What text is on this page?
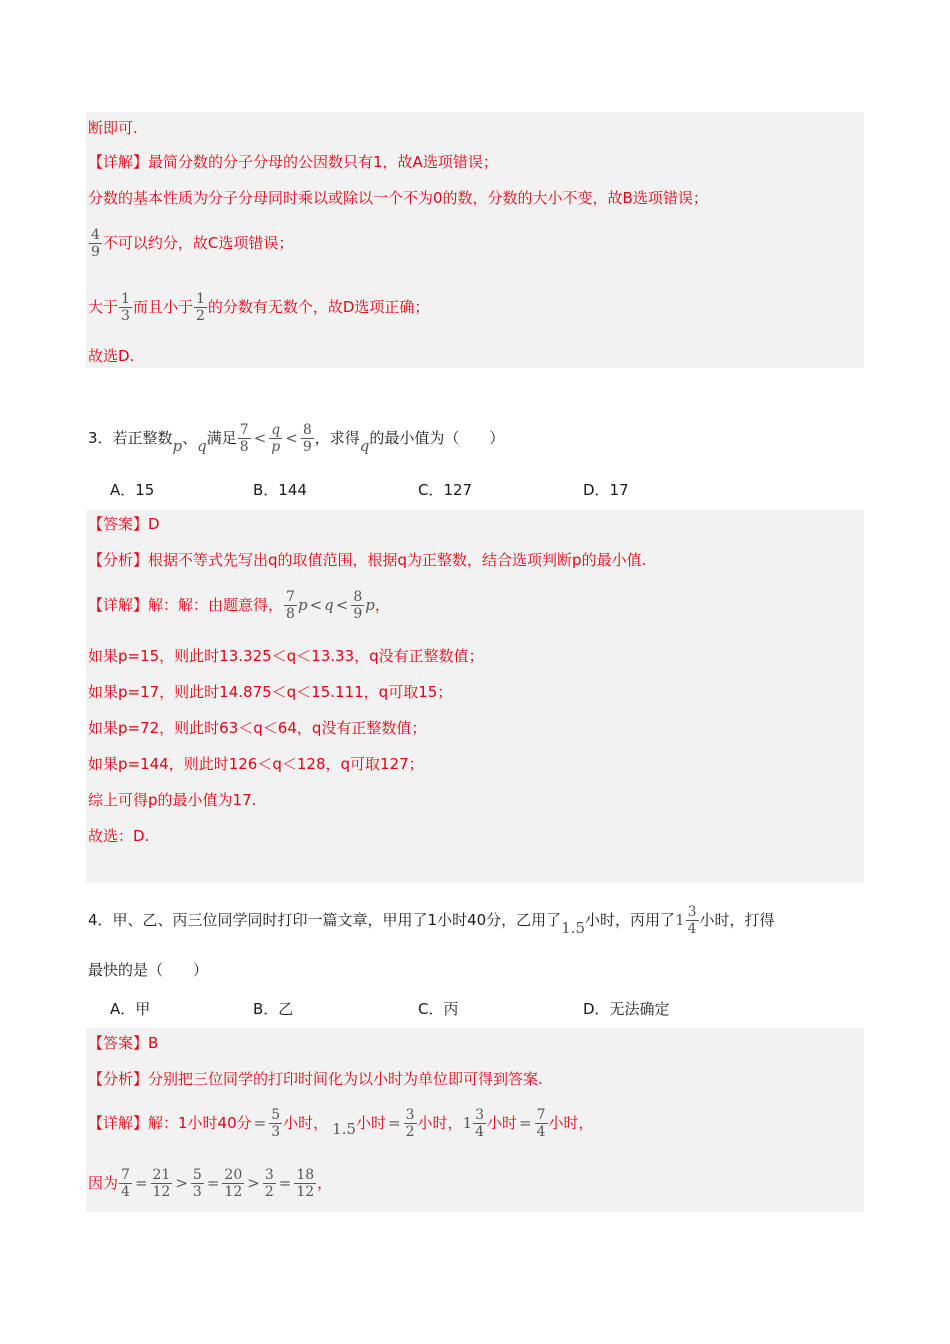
断即可.
【详解】最简分数的分子分母的公因数只有1，故A选项错误；
分数的基本性质为分子分母同时乘以或除以一个不为0的数，分数的大小不变，故B选项错误；
$\frac{4}{9}$ 不可以约分，故C选项错误；
大于 $\frac{1}{3}$ 而且小于 $\frac{1}{2}$ 的分数有无数个，故D选项正确；
故选D.
3．若正整数p、q满足 $\frac{7}{8} < \frac{q}{p} < \frac{8}{9}$ ，求得q的最小值为（　　）
A．15	B．144	C．127	D．17
【答案】D
【分析】根据不等式先写出q的取值范围，根据q为正整数，结合选项判断p的最小值.
【详解】解：解：由题意得， $\frac{7}{8}$ $p < q < \frac{8}{9}$ p，
如果p=15，则此时13.325＜q＜13.33，q没有正整数值；
如果p=17，则此时14.875＜q＜15.111，q可取15；
如果p=72，则此时63＜q＜64，q没有正整数值；
如果p=144，则此时126＜q＜128，q可取127；
综上可得p的最小值为17.
故选：D.
4．甲、乙、丙三位同学同时打印一篇文章，甲用了1小时40分，乙用了1.5小时，丙用了$1 \frac{3}{4}$ 小时，打得
最快的是（　　）
A．甲	B．乙	C．丙	D．无法确定
【答案】B
【分析】分别把三位同学的打印时间化为以小时为单位即可得到答案.
【详解】解：1小时40分 = $\frac{5}{3}$ 小时， 1.5小时 = $\frac{3}{2}$ 小时，$1 \frac{3}{4}$ 小时 = $\frac{7}{4}$ 小时，
因为 $\frac{7}{4} = \frac{21}{12} > \frac{5}{3} = \frac{20}{12} > \frac{3}{2} = \frac{18}{12}$ ，
